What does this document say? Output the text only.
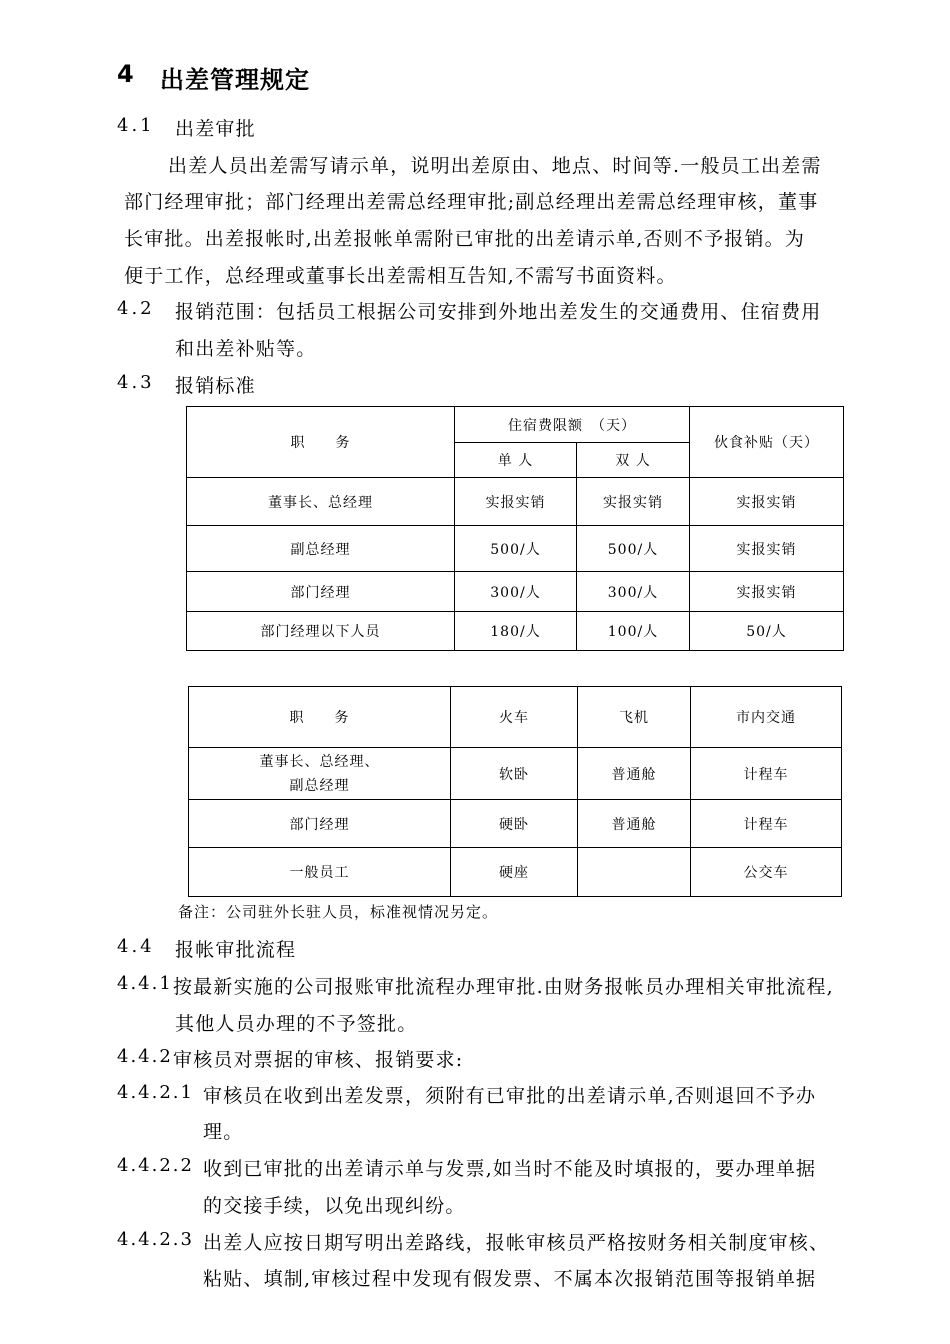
4 出差管理规定
4.1 出差审批
出差人员出差需写请示单，说明出差原由、地点、时间等.一般员工出差需
部门经理审批；部门经理出差需总经理审批;副总经理出差需总经理审核，董事
长审批。出差报帐时,出差报帐单需附已审批的出差请示单,否则不予报销。为
便于工作，总经理或董事长出差需相互告知,不需写书面资料。
4.2 报销范围：包括员工根据公司安排到外地出差发生的交通费用、住宿费用
和出差补贴等。
4.3 报销标准
职　　务	住宿费限额　（天）		伙食补贴（天）
	单 人	双 人	
董事长、总经理	实报实销	实报实销	实报实销
副总经理	500/人	500/人	实报实销
部门经理	300/人	300/人	实报实销
部门经理以下人员	180/人	100/人	50/人
职　　务	火车	飞机	市内交通

董事长、总经理、
副总经理	软卧	普通舱	计程车
部门经理	硬卧	普通舱	计程车
一般员工	硬座		公交车
备注：公司驻外长驻人员，标准视情况另定。
4.4 报帐审批流程
4.4.1 按最新实施的公司报账审批流程办理审批.由财务报帐员办理相关审批流程,
其他人员办理的不予签批。
4.4.2 审核员对票据的审核、报销要求:
4.4.2.1 审核员在收到出差发票，须附有已审批的出差请示单,否则退回不予办
理。
4.4.2.2 收到已审批的出差请示单与发票,如当时不能及时填报的，要办理单据
的交接手续，以免出现纠纷。
4.4.2.3 出差人应按日期写明出差路线，报帐审核员严格按财务相关制度审核、
粘贴、填制,审核过程中发现有假发票、不属本次报销范围等报销单据
